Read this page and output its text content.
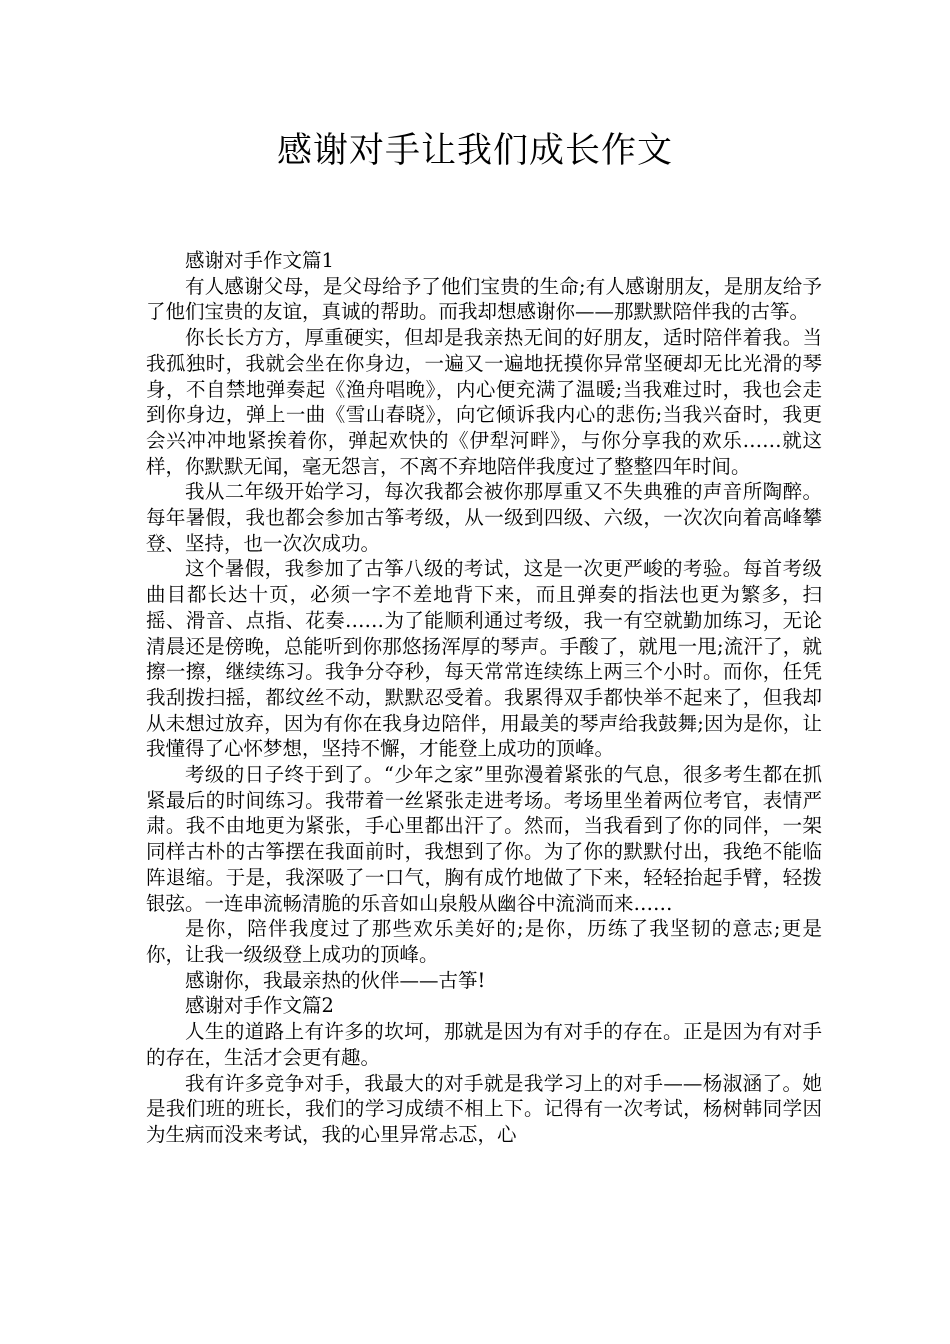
感谢对手让我们成长作文

感谢对手作文篇1

有人感谢父母，是父母给予了他们宝贵的生命;有人感谢朋友，是朋友给予了他们宝贵的友谊，真诚的帮助。而我却想感谢你——那默默陪伴我的古筝。

你长长方方，厚重硬实，但却是我亲热无间的好朋友，适时陪伴着我。当我孤独时，我就会坐在你身边，一遍又一遍地抚摸你异常坚硬却无比光滑的琴身，不自禁地弹奏起《渔舟唱晚》，内心便充满了温暖;当我难过时，我也会走到你身边，弹上一曲《雪山春晓》，向它倾诉我内心的悲伤;当我兴奋时，我更会兴冲冲地紧挨着你，弹起欢快的《伊犁河畔》，与你分享我的欢乐……就这样，你默默无闻，毫无怨言，不离不弃地陪伴我度过了整整四年时间。

我从二年级开始学习，每次我都会被你那厚重又不失典雅的声音所陶醉。每年暑假，我也都会参加古筝考级，从一级到四级、六级，一次次向着高峰攀登、坚持，也一次次成功。

这个暑假，我参加了古筝八级的考试，这是一次更严峻的考验。每首考级曲目都长达十页，必须一字不差地背下来，而且弹奏的指法也更为繁多，扫摇、滑音、点指、花奏……为了能顺利通过考级，我一有空就勤加练习，无论清晨还是傍晚，总能听到你那悠扬浑厚的琴声。手酸了，就甩一甩;流汗了，就擦一擦，继续练习。我争分夺秒，每天常常连续练上两三个小时。而你，任凭我刮拨扫摇，都纹丝不动，默默忍受着。我累得双手都快举不起来了，但我却从未想过放弃，因为有你在我身边陪伴，用最美的琴声给我鼓舞;因为是你，让我懂得了心怀梦想，坚持不懈，才能登上成功的顶峰。

考级的日子终于到了。“少年之家”里弥漫着紧张的气息，很多考生都在抓紧最后的时间练习。我带着一丝紧张走进考场。考场里坐着两位考官，表情严肃。我不由地更为紧张，手心里都出汗了。然而，当我看到了你的同伴，一架同样古朴的古筝摆在我面前时，我想到了你。为了你的默默付出，我绝不能临阵退缩。于是，我深吸了一口气，胸有成竹地做了下来，轻轻抬起手臂，轻拨银弦。一连串流畅清脆的乐音如山泉般从幽谷中流淌而来……

是你，陪伴我度过了那些欢乐美好的;是你，历练了我坚韧的意志;更是你，让我一级级登上成功的顶峰。

感谢你，我最亲热的伙伴——古筝!

感谢对手作文篇2

人生的道路上有许多的坎坷，那就是因为有对手的存在。正是因为有对手的存在，生活才会更有趣。

我有许多竞争对手，我最大的对手就是我学习上的对手——杨淑涵了。她是我们班的班长，我们的学习成绩不相上下。记得有一次考试，杨树韩同学因为生病而没来考试，我的心里异常忐忑，心
